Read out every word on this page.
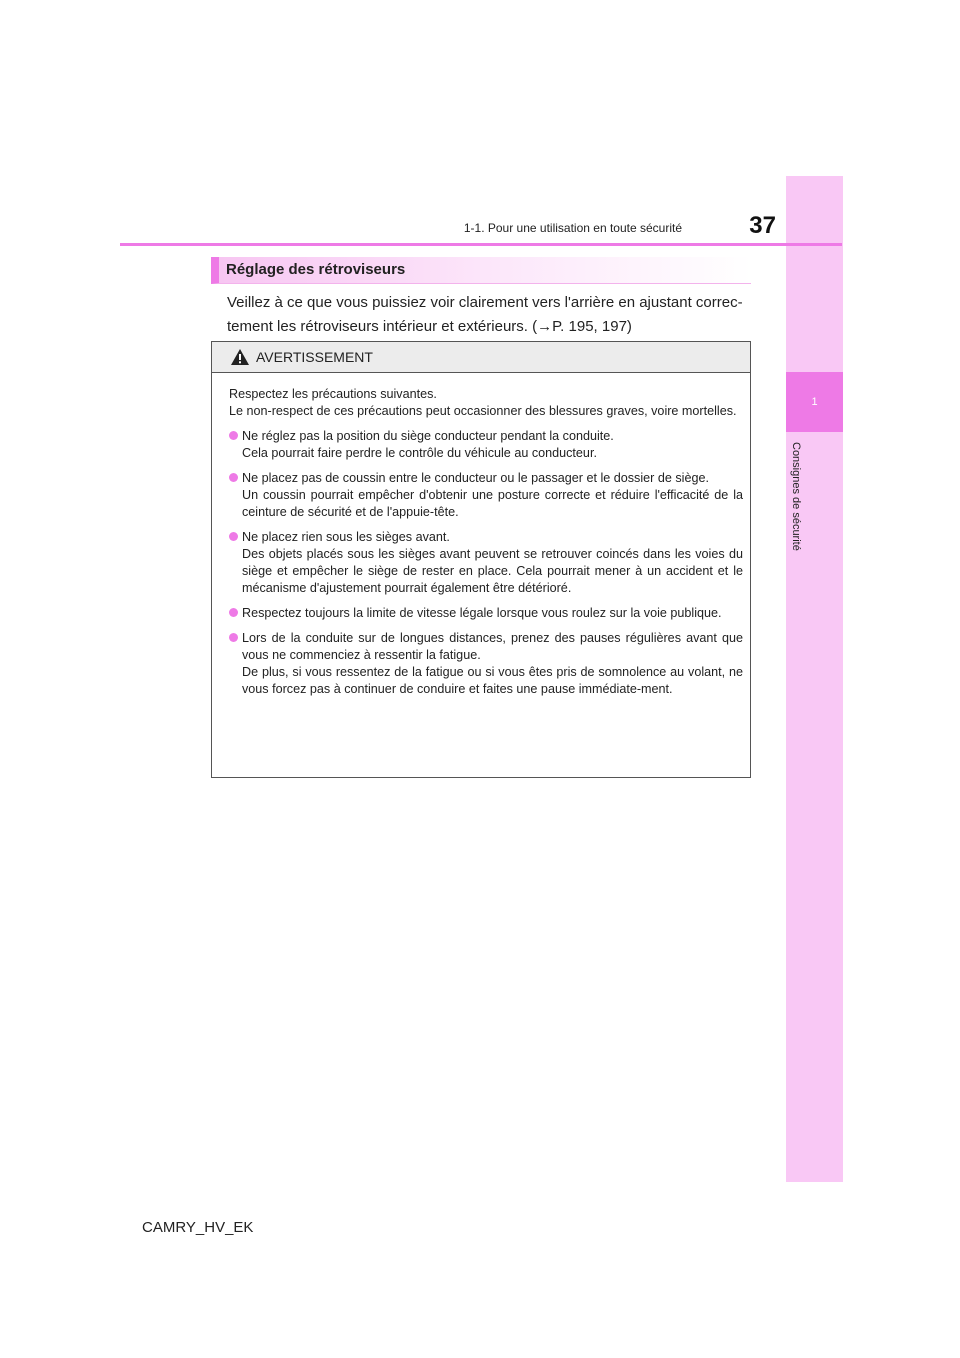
1
Consignes de sécurité
1-1. Pour une utilisation en toute sécurité	37
Réglage des rétroviseurs
Veillez à ce que vous puissiez voir clairement vers l'arrière en ajustant correc-
tement les rétroviseurs intérieur et extérieurs. (→P. 195, 197)
AVERTISSEMENT

Respectez les précautions suivantes.

Le non-respect de ces précautions peut occasionner des blessures graves, voire mortelles.

Ne réglez pas la position du siège conducteur pendant la conduite.

Cela pourrait faire perdre le contrôle du véhicule au conducteur.

Ne placez pas de coussin entre le conducteur ou le passager et le dossier de siège.

Un coussin pourrait empêcher d'obtenir une posture correcte et réduire l'efficacité de la ceinture de sécurité et de l'appuie-tête.

Ne placez rien sous les sièges avant.

Des objets placés sous les sièges avant peuvent se retrouver coincés dans les voies du siège et empêcher le siège de rester en place. Cela pourrait mener à un accident et le mécanisme d'ajustement pourrait également être détérioré.

Respectez toujours la limite de vitesse légale lorsque vous roulez sur la voie publique.

Lors de la conduite sur de longues distances, prenez des pauses régulières avant que vous ne commenciez à ressentir la fatigue.

De plus, si vous ressentez de la fatigue ou si vous êtes pris de somnolence au volant, ne vous forcez pas à continuer de conduire et faites une pause immédiate-ment.

CAMRY_HV_EK
